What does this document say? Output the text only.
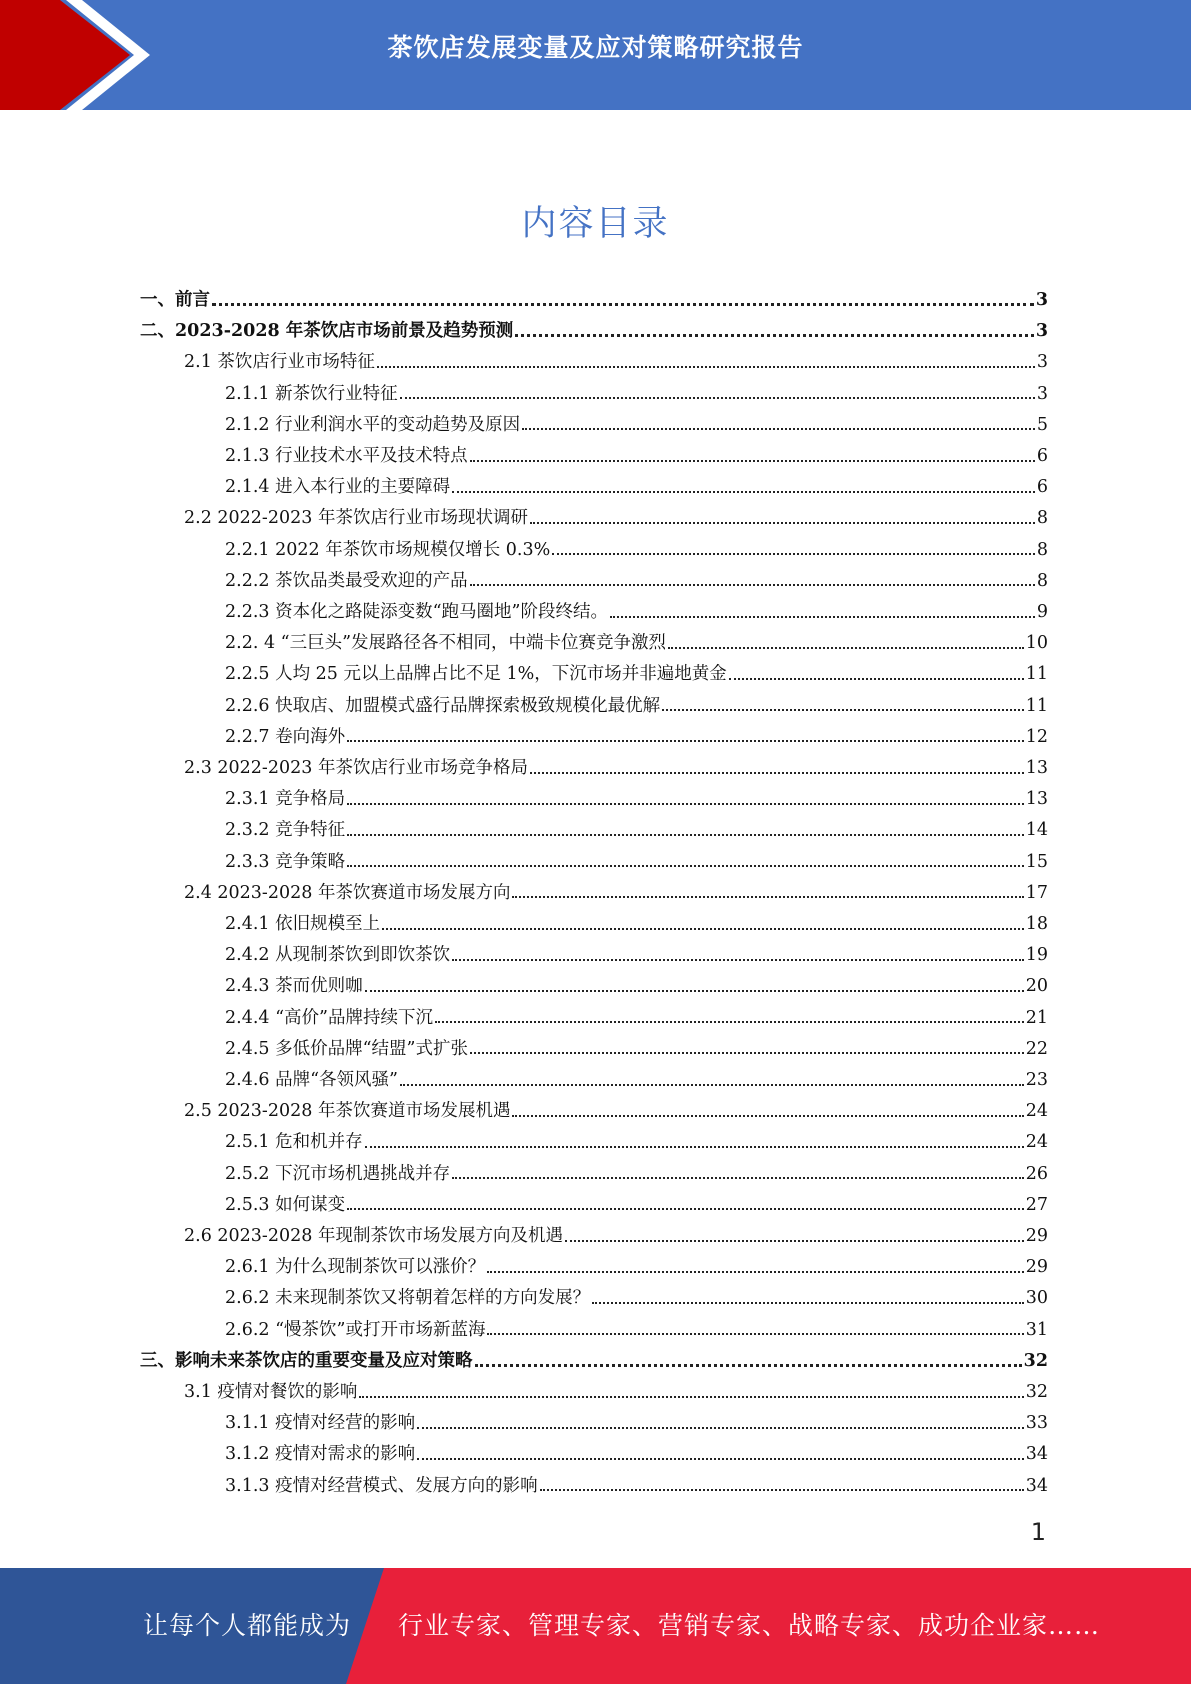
茶饮店发展变量及应对策略研究报告
内容目录
一、前言	3
二、2023-2028 年茶饮店市场前景及趋势预测	3
2.1 茶饮店行业市场特征	3
2.1.1 新茶饮行业特征	3
2.1.2 行业利润水平的变动趋势及原因	5
2.1.3 行业技术水平及技术特点	6
2.1.4 进入本行业的主要障碍	6
2.2 2022-2023 年茶饮店行业市场现状调研	8
2.2.1 2022 年茶饮市场规模仅增长 0.3%	8
2.2.2 茶饮品类最受欢迎的产品	8
2.2.3 资本化之路陡添变数“跑马圈地”阶段终结。	9
2.2. 4 “三巨头”发展路径各不相同，中端卡位赛竞争激烈	10
2.2.5 人均 25 元以上品牌占比不足 1%，下沉市场并非遍地黄金	11
2.2.6 快取店、加盟模式盛行品牌探索极致规模化最优解	11
2.2.7 卷向海外	12
2.3 2022-2023 年茶饮店行业市场竞争格局	13
2.3.1 竞争格局	13
2.3.2 竞争特征	14
2.3.3 竞争策略	15
2.4 2023-2028 年茶饮赛道市场发展方向	17
2.4.1 依旧规模至上	18
2.4.2 从现制茶饮到即饮茶饮	19
2.4.3 茶而优则咖	20
2.4.4 “高价”品牌持续下沉	21
2.4.5 多低价品牌“结盟”式扩张	22
2.4.6 品牌“各领风骚”	23
2.5 2023-2028 年茶饮赛道市场发展机遇	24
2.5.1 危和机并存	24
2.5.2 下沉市场机遇挑战并存	26
2.5.3 如何谋变	27
2.6 2023-2028 年现制茶饮市场发展方向及机遇	29
2.6.1 为什么现制茶饮可以涨价？	29
2.6.2 未来现制茶饮又将朝着怎样的方向发展？	30
2.6.2 “慢茶饮”或打开市场新蓝海	31
三、影响未来茶饮店的重要变量及应对策略	32
3.1 疫情对餐饮的影响	32
3.1.1 疫情对经营的影响	33
3.1.2 疫情对需求的影响	34
3.1.3 疫情对经营模式、发展方向的影响	34
1
让每个人都能成为 行业专家、管理专家、营销专家、战略专家、成功企业家……
